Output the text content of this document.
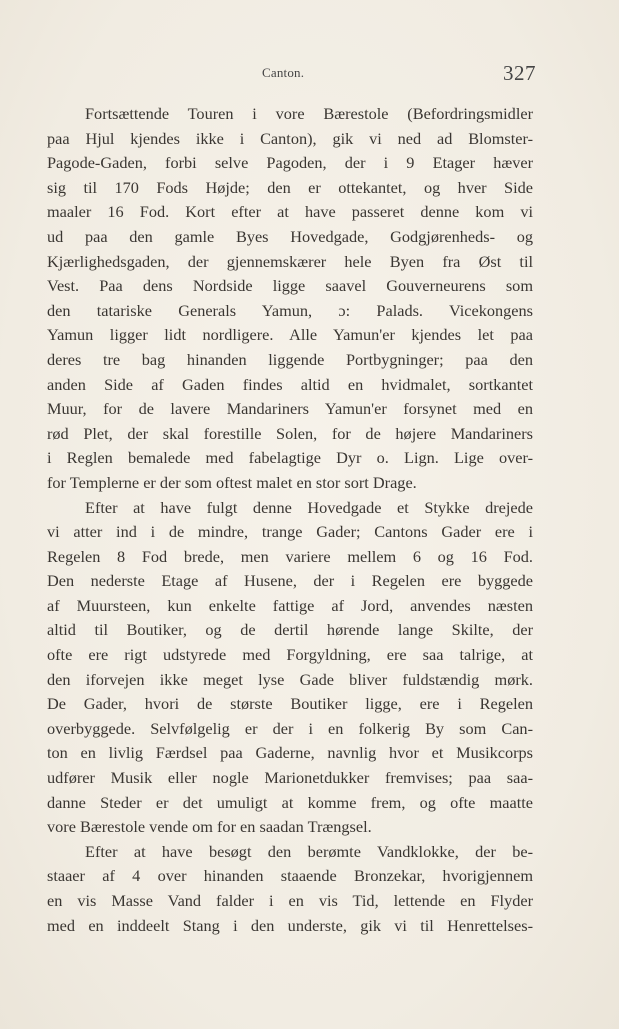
Canton.	327
Fortsættende Touren i vore Bærestole (Befordringsmidler
paa Hjul kjendes ikke i Canton), gik vi ned ad Blomster-
Pagode-Gaden, forbi selve Pagoden, der i 9 Etager hæver
sig til 170 Fods Højde; den er ottekantet, og hver Side
maaler 16 Fod. Kort efter at have passeret denne kom vi
ud paa den gamle Byes Hovedgade, Godgjørenheds- og
Kjærlighedsgaden, der gjennemskærer hele Byen fra Øst til
Vest. Paa dens Nordside ligge saavel Gouverneurens som
den tatariske Generals Yamun, ɔ: Palads. Vicekongens
Yamun ligger lidt nordligere. Alle Yamun'er kjendes let paa
deres tre bag hinanden liggende Portbygninger; paa den
anden Side af Gaden findes altid en hvidmalet, sortkantet
Muur, for de lavere Mandariners Yamun'er forsynet med en
rød Plet, der skal forestille Solen, for de højere Mandariners
i Reglen bemalede med fabelagtige Dyr o. Lign. Lige over-
for Templerne er der som oftest malet en stor sort Drage.
Efter at have fulgt denne Hovedgade et Stykke drejede
vi atter ind i de mindre, trange Gader; Cantons Gader ere i
Regelen 8 Fod brede, men variere mellem 6 og 16 Fod.
Den nederste Etage af Husene, der i Regelen ere byggede
af Muursteen, kun enkelte fattige af Jord, anvendes næsten
altid til Boutiker, og de dertil hørende lange Skilte, der
ofte ere rigt udstyrede med Forgyldning, ere saa talrige, at
den iforvejen ikke meget lyse Gade bliver fuldstændig mørk.
De Gader, hvori de største Boutiker ligge, ere i Regelen
overbyggede. Selvfølgelig er der i en folkerig By som Can-
ton en livlig Færdsel paa Gaderne, navnlig hvor et Musikcorps
udfører Musik eller nogle Marionetdukker fremvises; paa saa-
danne Steder er det umuligt at komme frem, og ofte maatte
vore Bærestole vende om for en saadan Trængsel.
Efter at have besøgt den berømte Vandklokke, der be-
staaer af 4 over hinanden staaende Bronzekar, hvorigjennem
en vis Masse Vand falder i en vis Tid, lettende en Flyder
med en inddeelt Stang i den underste, gik vi til Henrettelses-
